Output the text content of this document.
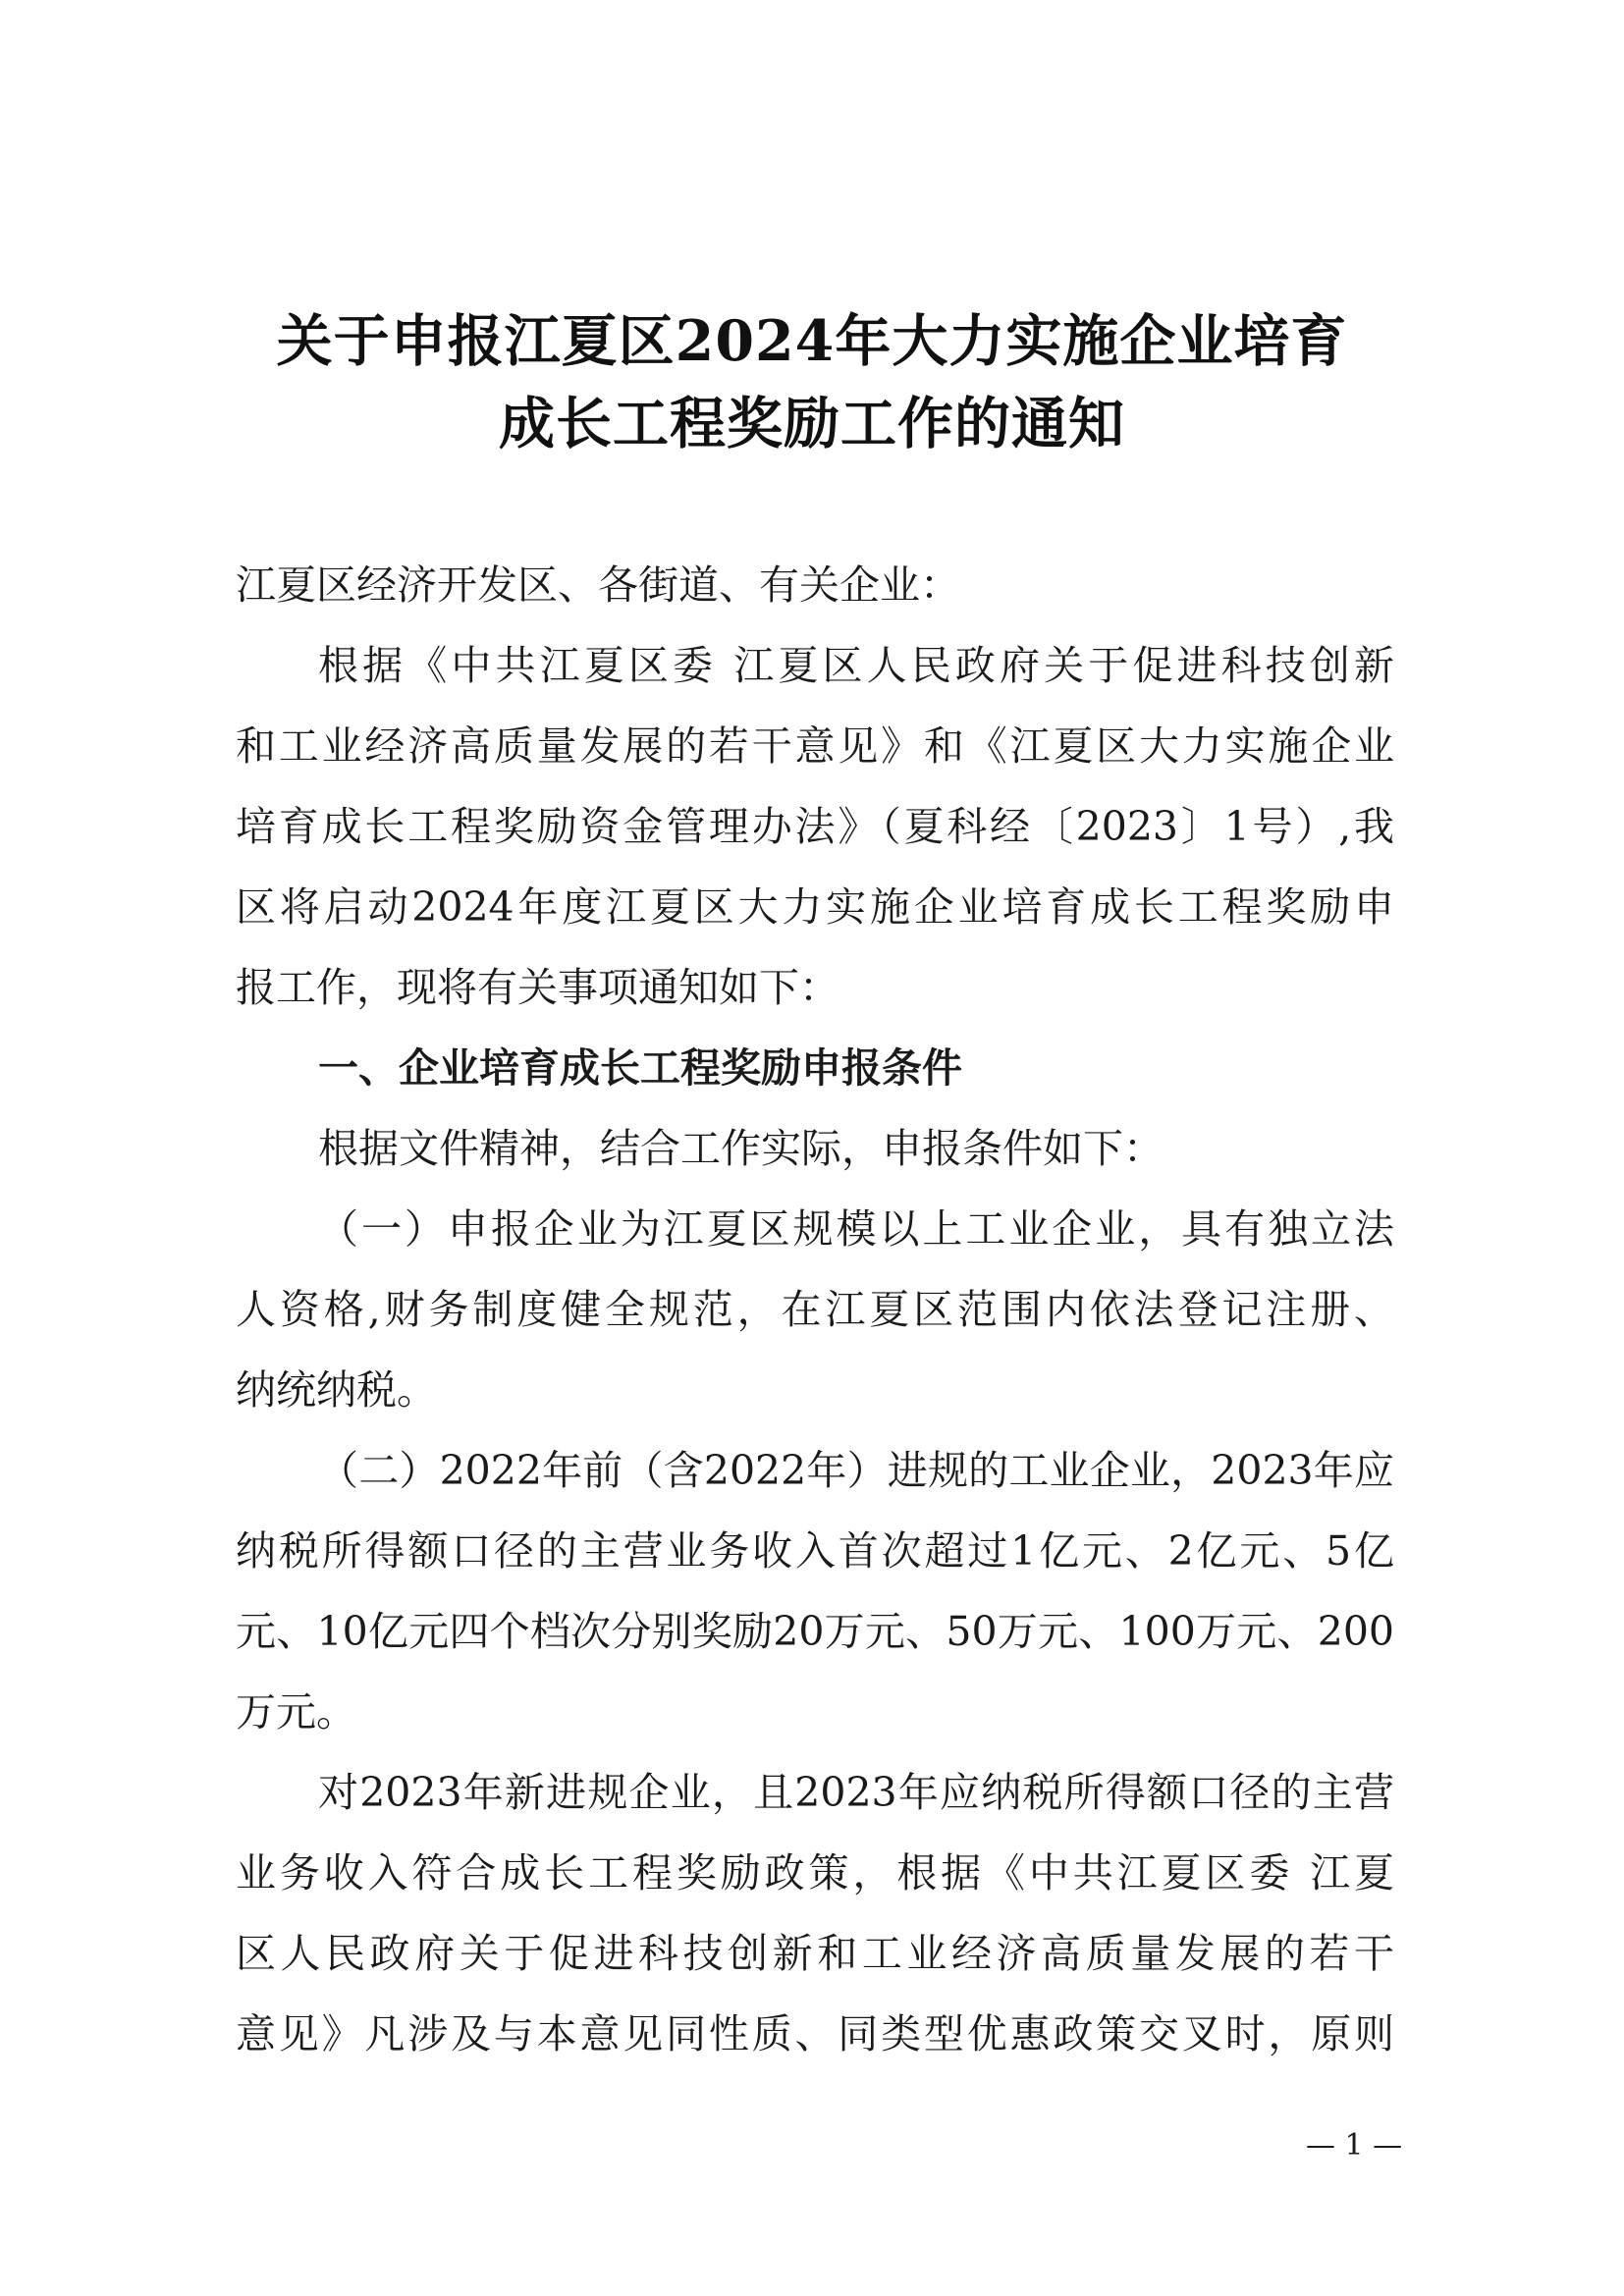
关于申报江夏区2024年大力实施企业培育
成长工程奖励工作的通知
江夏区经济开发区、各街道、有关企业：
根据《中共江夏区委 江夏区人民政府关于促进科技创新
和工业经济高质量发展的若干意见》和《江夏区大力实施企业
培育成长工程奖励资金管理办法》（夏科经〔2023〕1号）,我
区将启动2024年度江夏区大力实施企业培育成长工程奖励申
报工作，现将有关事项通知如下：
一、企业培育成长工程奖励申报条件
根据文件精神，结合工作实际，申报条件如下：
（一）申报企业为江夏区规模以上工业企业，具有独立法
人资格,财务制度健全规范，在江夏区范围内依法登记注册、
纳统纳税。
（二）2022年前（含2022年）进规的工业企业，2023年应
纳税所得额口径的主营业务收入首次超过1亿元、2亿元、5亿
元、10亿元四个档次分别奖励20万元、50万元、100万元、200
万元。
对2023年新进规企业，且2023年应纳税所得额口径的主营
业务收入符合成长工程奖励政策，根据《中共江夏区委 江夏
区人民政府关于促进科技创新和工业经济高质量发展的若干
意见》凡涉及与本意见同性质、同类型优惠政策交叉时，原则
— 1 —
